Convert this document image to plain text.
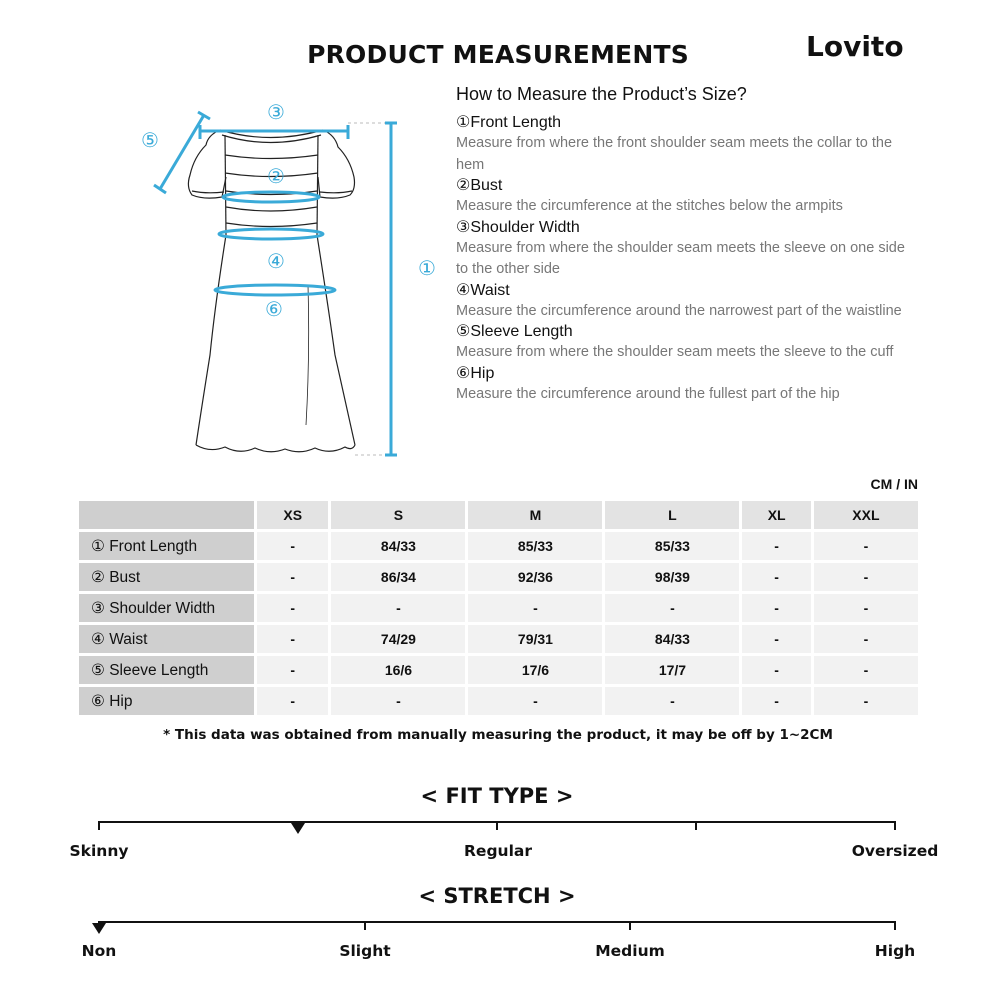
PRODUCT MEASUREMENTS	Lovito
①
②
③
④
⑤
⑥
How to Measure the Product’s Size?
①Front Length
Measure from where the front shoulder seam meets the collar to the hem
②Bust
Measure the circumference at the stitches below the armpits
③Shoulder Width
Measure from where the shoulder seam meets the sleeve on one side to the other side
④Waist
Measure the circumference around the narrowest part of the waistline
⑤Sleeve Length
Measure from where the shoulder seam meets the sleeve to the cuff
⑥Hip
Measure the circumference around the fullest part of the hip
CM / IN
	XS	S	M	L	XL	XXL
① Front Length	-	84/33	85/33	85/33	-	-
② Bust	-	86/34	92/36	98/39	-	-
③ Shoulder Width	-	-	-	-	-	-
④ Waist	-	74/29	79/31	84/33	-	-
⑤ Sleeve Length	-	16/6	17/6	17/7	-	-
⑥ Hip	-	-	-	-	-	-
* This data was obtained from manually measuring the product, it may be off by 1~2CM
< FIT TYPE >
Skinny	Regular	Oversized
< STRETCH >
Non	Slight	Medium	High
